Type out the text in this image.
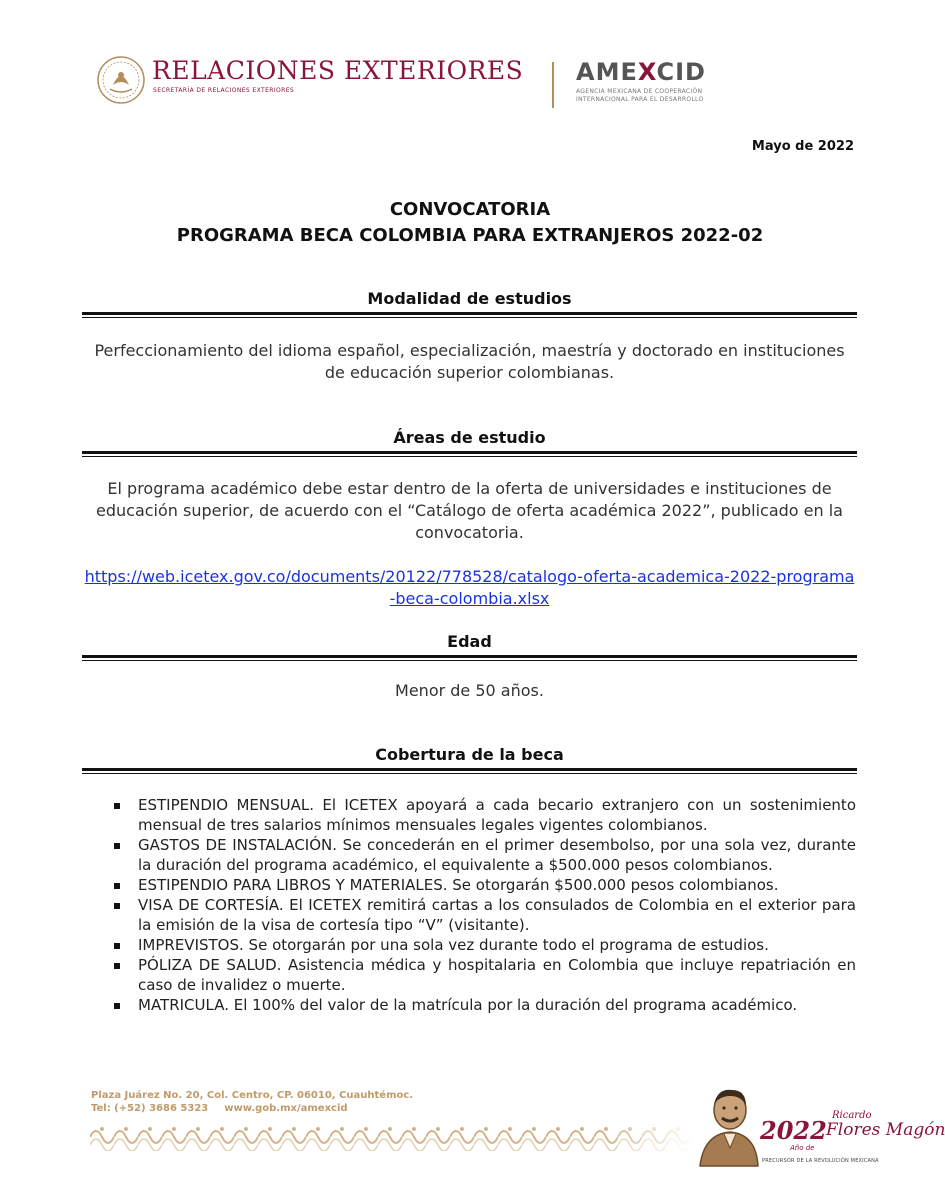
RELACIONES EXTERIORES
SECRETARÍA DE RELACIONES EXTERIORES
AMEXCID
AGENCIA MEXICANA DE COOPERACIÓN INTERNACIONAL PARA EL DESARROLLO
Mayo de 2022
CONVOCATORIA
PROGRAMA BECA COLOMBIA PARA EXTRANJEROS 2022-02
Modalidad de estudios
Perfeccionamiento del idioma español, especialización, maestría y doctorado en instituciones de educación superior colombianas.
Áreas de estudio
El programa académico debe estar dentro de la oferta de universidades e instituciones de educación superior, de acuerdo con el “Catálogo de oferta académica 2022”, publicado en la convocatoria.
https://web.icetex.gov.co/documents/20122/778528/catalogo-oferta-academica-2022-programa-beca-colombia.xlsx
Edad
Menor de 50 años.
Cobertura de la beca
ESTIPENDIO MENSUAL. El ICETEX apoyará a cada becario extranjero con un sostenimiento mensual de tres salarios mínimos mensuales legales vigentes colombianos.
GASTOS DE INSTALACIÓN. Se concederán en el primer desembolso, por una sola vez, durante la duración del programa académico, el equivalente a $500.000 pesos colombianos.
ESTIPENDIO PARA LIBROS Y MATERIALES. Se otorgarán $500.000 pesos colombianos.
VISA DE CORTESÍA. El ICETEX remitirá cartas a los consulados de Colombia en el exterior para la emisión de la visa de cortesía tipo “V” (visitante).
IMPREVISTOS. Se otorgarán por una sola vez durante todo el programa de estudios.
PÓLIZA DE SALUD. Asistencia médica y hospitalaria en Colombia que incluye repatriación en caso de invalidez o muerte.
MATRICULA. El 100% del valor de la matrícula por la duración del programa académico.
Plaza Juárez No. 20, Col. Centro, CP. 06010, Cuauhtémoc.
Tel: (+52) 3686 5323 www.gob.mx/amexcid
2022
Ricardo
Flores Magón
Año de
PRECURSOR DE LA REVOLUCIÓN MEXICANA
